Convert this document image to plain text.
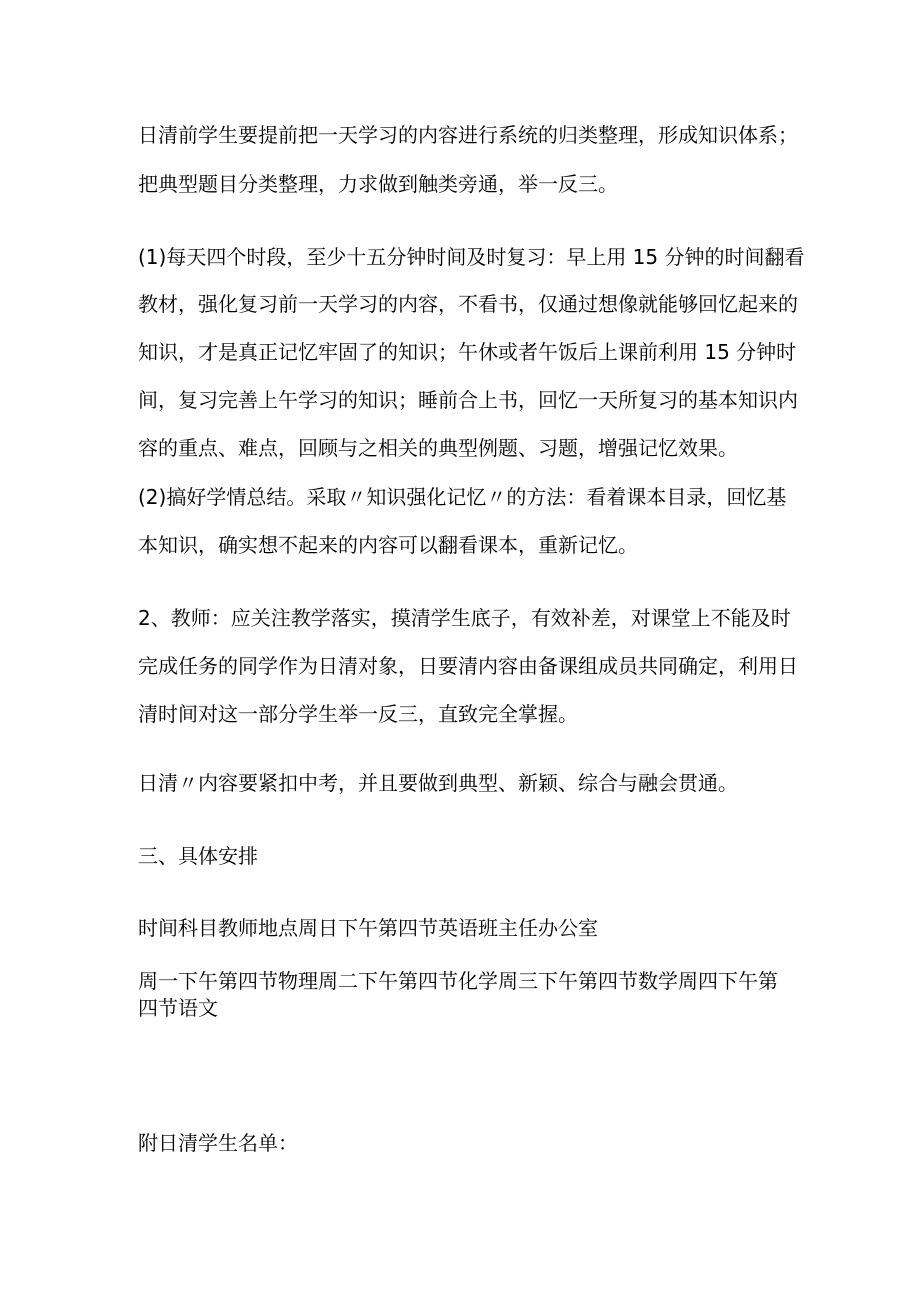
日清前学生要提前把一天学习的内容进行系统的归类整理，形成知识体系；
把典型题目分类整理，力求做到触类旁通，举一反三。
(1)每天四个时段，至少十五分钟时间及时复习：早上用 15 分钟的时间翻看
教材，强化复习前一天学习的内容，不看书，仅通过想像就能够回忆起来的
知识，才是真正记忆牢固了的知识；午休或者午饭后上课前利用 15 分钟时
间，复习完善上午学习的知识；睡前合上书，回忆一天所复习的基本知识内
容的重点、难点，回顾与之相关的典型例题、习题，增强记忆效果。
(2)搞好学情总结。采取〃知识强化记忆〃的方法：看着课本目录，回忆基
本知识，确实想不起来的内容可以翻看课本，重新记忆。
2、教师：应关注教学落实，摸清学生底子，有效补差，对课堂上不能及时
完成任务的同学作为日清对象，日要清内容由备课组成员共同确定，利用日
清时间对这一部分学生举一反三，直致完全掌握。
日清〃内容要紧扣中考，并且要做到典型、新颖、综合与融会贯通。
三、具体安排
时间科目教师地点周日下午第四节英语班主任办公室
周一下午第四节物理周二下午第四节化学周三下午第四节数学周四下午第
四节语文
附日清学生名单：
